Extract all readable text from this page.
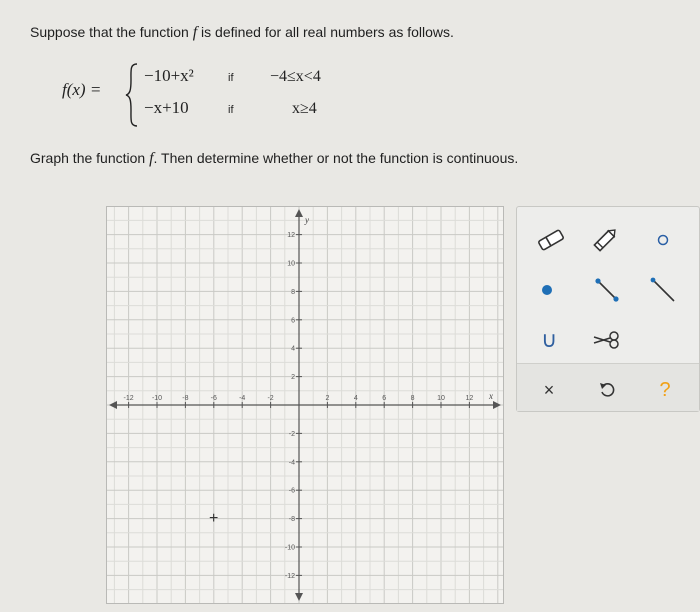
Suppose that the function f is defined for all real numbers as follows.
f(x) =
−10+x²	if −4≤x<4
−x+10	if	x≥4
Graph the function f. Then determine whether or not the function is continuous.
-12	-10	-8	-6	-4	-2	2	4	6	8	10	12
12
10
8
6
4
2
-2
-4
-6
-8
-10
-12
x
y
+
∪
×	?
